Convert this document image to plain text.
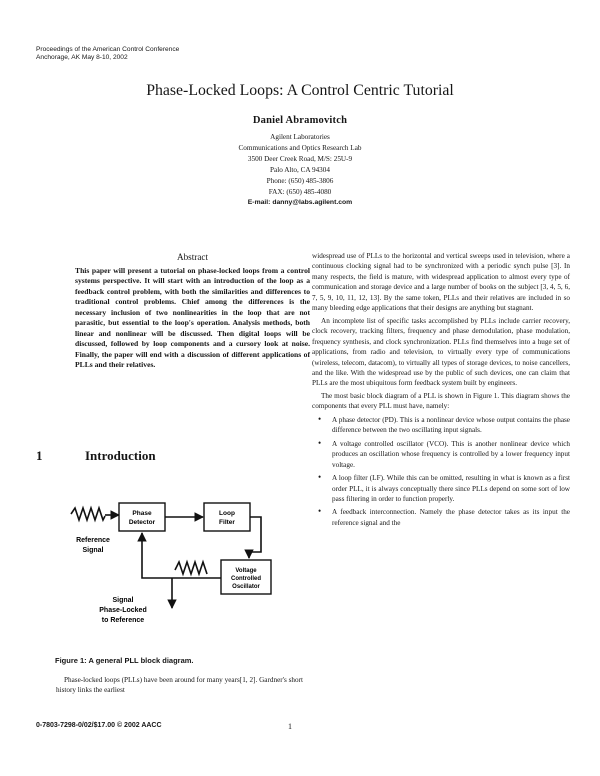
Proceedings of the American Control Conference
Anchorage, AK May 8-10, 2002
Phase-Locked Loops: A Control Centric Tutorial
Daniel Abramovitch
Agilent Laboratories
Communications and Optics Research Lab
3500 Deer Creek Road, M/S: 25U-9
Palo Alto, CA 94304
Phone: (650) 485-3806
FAX: (650) 485-4080
E-mail: danny@labs.agilent.com
Abstract
This paper will present a tutorial on phase-locked loops from a control systems perspective. It will start with an introduction of the loop as a feedback control problem, with both the similarities and differences to traditional control problems. Chief among the differences is the necessary inclusion of two nonlinearities in the loop that are not parasitic, but essential to the loop's operation. Analysis methods, both linear and nonlinear will be discussed. Then digital loops will be discussed, followed by loop components and a cursory look at noise. Finally, the paper will end with a discussion of different applications of PLLs and their relatives.
1	Introduction
Phase
Detector
Loop
Filter
Voltage
Controlled
Oscillator
Reference
Signal
Signal
Phase-Locked
to Reference
Figure 1: A general PLL block diagram.
Phase-locked loops (PLLs) have been around for many years[1, 2]. Gardner's short history links the earliest

widespread use of PLLs to the horizontal and vertical sweeps used in television, where a continuous clocking signal had to be synchronized with a periodic synch pulse [3]. In many respects, the field is mature, with widespread application to almost every type of communication and storage device and a large number of books on the subject [3, 4, 5, 6, 7, 5, 9, 10, 11, 12, 13]. By the same token, PLLs and their relatives are included in so many bleeding edge applications that their designs are anything but stagnant.

An incomplete list of specific tasks accomplished by PLLs include carrier recovery, clock recovery, tracking filters, frequency and phase demodulation, phase modulation, frequency synthesis, and clock synchronization. PLLs find themselves into a huge set of applications, from radio and television, to virtually every type of communications (wireless, telecom, datacom), to virtually all types of storage devices, to noise cancellers, and the like. With the widespread use by the public of such devices, one can claim that PLLs are the most ubiquitous form feedback system built by engineers.

The most basic block diagram of a PLL is shown in Figure 1. This diagram shows the components that every PLL must have, namely:

• A phase detector (PD). This is a nonlinear device whose output contains the phase difference between the two oscillating input signals.
• A voltage controlled oscillator (VCO). This is another nonlinear device which produces an oscillation whose frequency is controlled by a lower frequency input voltage.
• A loop filter (LF). While this can be omitted, resulting in what is known as a first order PLL, it is always conceptually there since PLLs depend on some sort of low pass filtering in order to function properly.
• A feedback interconnection. Namely the phase detector takes as its input the reference signal and the
0-7803-7298-0/02/$17.00 © 2002 AACC	1
